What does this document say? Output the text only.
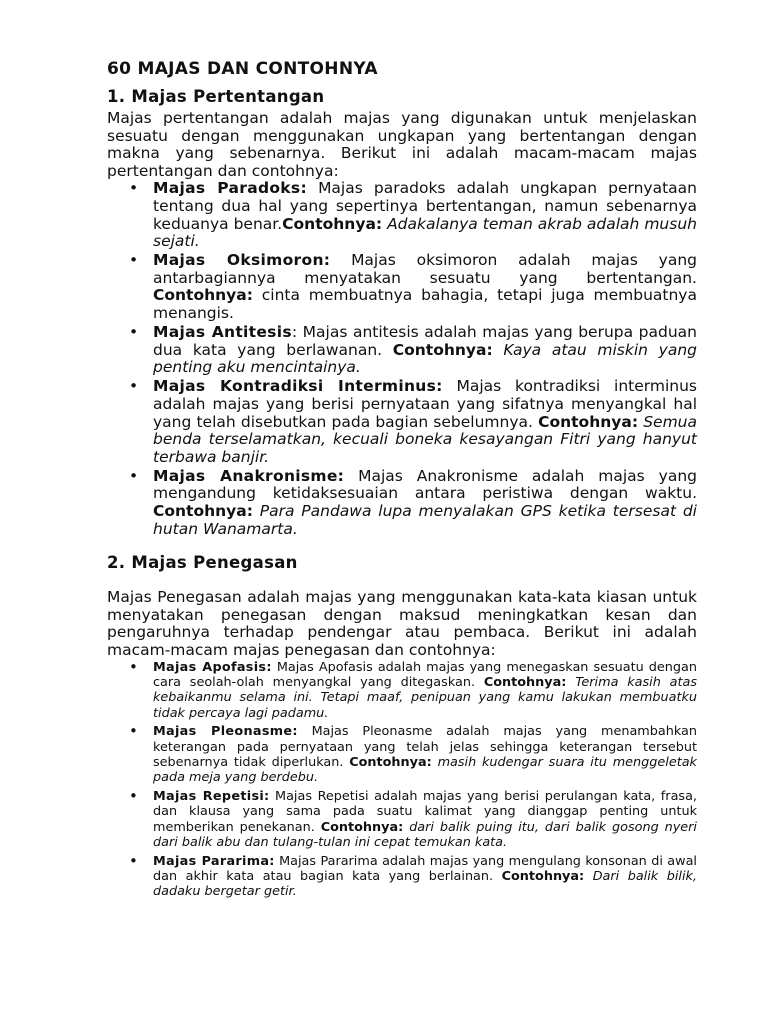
60 MAJAS DAN CONTOHNYA
1. Majas Pertentangan

Majas pertentangan adalah majas yang digunakan untuk menjelaskan sesuatu dengan menggunakan ungkapan yang bertentangan dengan makna yang sebenarnya. Berikut ini adalah macam-macam majas pertentangan dan contohnya:

• Majas Paradoks: Majas paradoks adalah ungkapan pernyataan tentang dua hal yang sepertinya bertentangan, namun sebenarnya keduanya benar.Contohnya: Adakalanya teman akrab adalah musuh sejati.
• Majas Oksimoron: Majas oksimoron adalah majas yang antarbagiannya menyatakan sesuatu yang bertentangan. Contohnya: cinta membuatnya bahagia, tetapi juga membuatnya menangis.
• Majas Antitesis: Majas antitesis adalah majas yang berupa paduan dua kata yang berlawanan. Contohnya: Kaya atau miskin yang penting aku mencintainya.
• Majas Kontradiksi Interminus: Majas kontradiksi interminus adalah majas yang berisi pernyataan yang sifatnya menyangkal hal yang telah disebutkan pada bagian sebelumnya. Contohnya: Semua benda terselamatkan, kecuali boneka kesayangan Fitri yang hanyut terbawa banjir.
• Majas Anakronisme: Majas Anakronisme adalah majas yang mengandung ketidaksesuaian antara peristiwa dengan waktu. Contohnya: Para Pandawa lupa menyalakan GPS ketika tersesat di hutan Wanamarta.
2. Majas Penegasan

Majas Penegasan adalah majas yang menggunakan kata-kata kiasan untuk menyatakan penegasan dengan maksud meningkatkan kesan dan pengaruhnya terhadap pendengar atau pembaca. Berikut ini adalah macam-macam majas penegasan dan contohnya:

• Majas Apofasis: Majas Apofasis adalah majas yang menegaskan sesuatu dengan cara seolah-olah menyangkal yang ditegaskan. Contohnya: Terima kasih atas kebaikanmu selama ini. Tetapi maaf, penipuan yang kamu lakukan membuatku tidak percaya lagi padamu.
• Majas Pleonasme: Majas Pleonasme adalah majas yang menambahkan keterangan pada pernyataan yang telah jelas sehingga keterangan tersebut sebenarnya tidak diperlukan. Contohnya: masih kudengar suara itu menggeletak pada meja yang berdebu.
• Majas Repetisi: Majas Repetisi adalah majas yang berisi perulangan kata, frasa, dan klausa yang sama pada suatu kalimat yang dianggap penting untuk memberikan penekanan. Contohnya: dari balik puing itu, dari balik gosong nyeri dari balik abu dan tulang-tulan ini cepat temukan kata.
• Majas Pararima: Majas Pararima adalah majas yang mengulang konsonan di awal dan akhir kata atau bagian kata yang berlainan. Contohnya: Dari balik bilik, dadaku bergetar getir.
